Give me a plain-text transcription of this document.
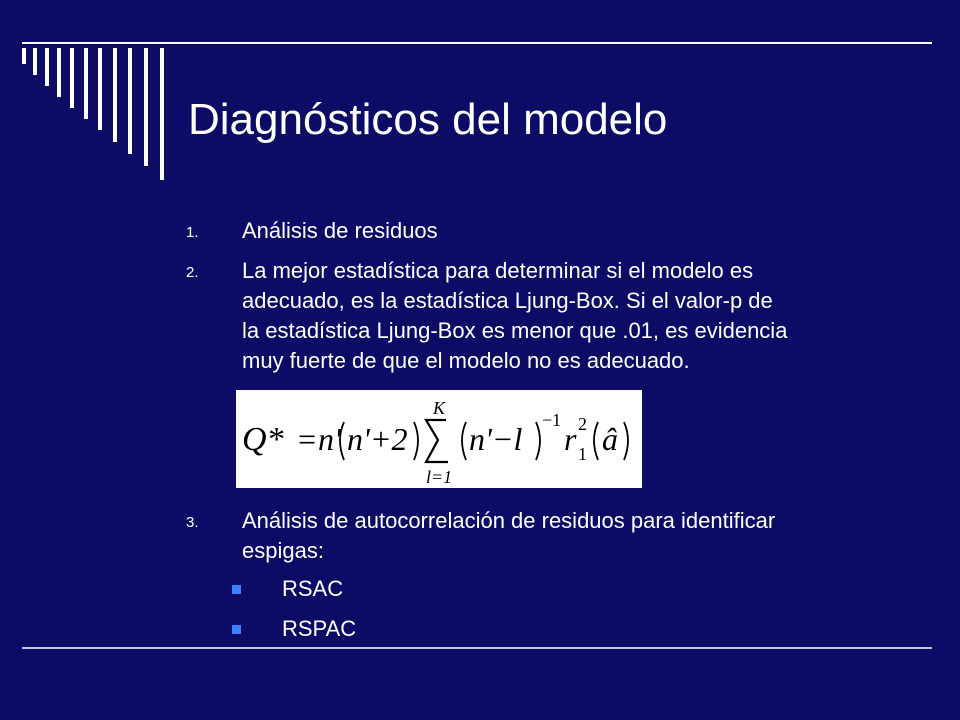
Diagnósticos del modelo
1. Análisis de residuos
2. La mejor estadística para determinar si el modelo es
adecuado, es la estadística Ljung-Box. Si el valor-p de
la estadística Ljung-Box es menor que .01, es evidencia
muy fuerte de que el modelo no es adecuado.
Q* = n' n'+2
K
l=1
n'−l
−1
r 2
1 â
3. Análisis de autocorrelación de residuos para identificar
espigas:
RSAC
RSPAC
